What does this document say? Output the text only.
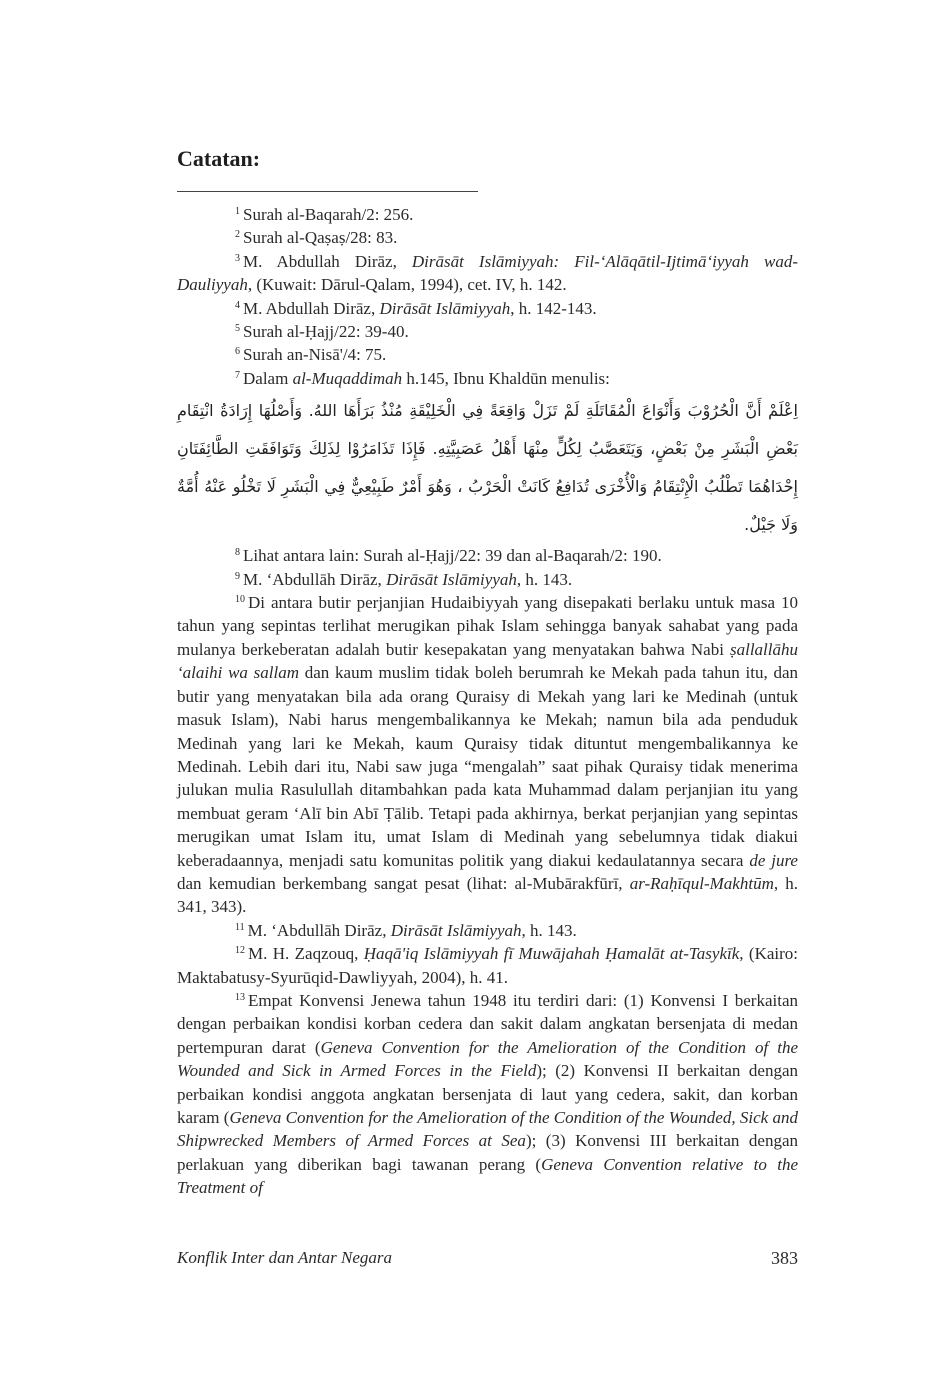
Catatan:

$^1$ Surah al-Baqarah/2: 256.

$^2$ Surah al-Qaṣaṣ/28: 83.

$^3$ M. Abdullah Dirāz, Dirāsāt Islāmiyyah: Fil-‘Alāqātil-Ijtimā‘iyyah wad-Dauliyyah, (Kuwait: Dārul-Qalam, 1994), cet. IV, h. 142.

$^4$ M. Abdullah Dirāz, Dirāsāt Islāmiyyah, h. 142-143.

$^5$ Surah al-Ḥajj/22: 39-40.

$^6$ Surah an-Nisā'/4: 75.

$^7$ Dalam al-Muqaddimah h.145, Ibnu Khaldūn menulis:

اِعْلَمْ أَنَّ الْحُرُوْبَ وَأَنْوَاعَ الْمُقَاتَلَةِ لَمْ تَزَلْ وَاقِعَةً فِي الْخَلِيْقَةِ مُنْذُ بَرَأَهَا اللهُ. وَأَصْلُهَا إِرَادَةُ انْتِقَامِ بَعْضِ الْبَشَرِ مِنْ بَعْضٍ، وَيَتَعَصَّبُ لِكُلٍّ مِنْهَا أَهْلُ عَصَبِيَّتِهِ. فَإِذَا تَذَامَرُوْا لِذَلِكَ وَتَوَافَقَتِ الطَّائِفَتَانِ إِحْدَاهُمَا تَطْلُبُ الْإِنْتِقَامُ وَالْأُخْرَى تُدَافِعُ كَانَتْ الْحَرْبُ ، وَهُوَ أَمْرٌ طَبِيْعِيٌّ فِي الْبَشَرِ لَا تَخْلُو عَنْهُ أُمَّةٌ وَلَا جَيْلٌ.

$^8$ Lihat antara lain: Surah al-Ḥajj/22: 39 dan al-Baqarah/2: 190.

$^9$ M. ‘Abdullāh Dirāz, Dirāsāt Islāmiyyah, h. 143.

$^{10}$ Di antara butir perjanjian Hudaibiyyah yang disepakati berlaku untuk masa 10 tahun yang sepintas terlihat merugikan pihak Islam sehingga banyak sahabat yang pada mulanya berkeberatan adalah butir kesepakatan yang menyatakan bahwa Nabi ṣallallāhu ‘alaihi wa sallam dan kaum muslim tidak boleh berumrah ke Mekah pada tahun itu, dan butir yang menyatakan bila ada orang Quraisy di Mekah yang lari ke Medinah (untuk masuk Islam), Nabi harus mengembalikannya ke Mekah; namun bila ada penduduk Medinah yang lari ke Mekah, kaum Quraisy tidak dituntut mengembalikannya ke Medinah. Lebih dari itu, Nabi saw juga “mengalah” saat pihak Quraisy tidak menerima julukan mulia Rasulullah ditambahkan pada kata Muhammad dalam perjanjian itu yang membuat geram ‘Alī bin Abī Ṭālib. Tetapi pada akhirnya, berkat perjanjian yang sepintas merugikan umat Islam itu, umat Islam di Medinah yang sebelumnya tidak diakui keberadaannya, menjadi satu komunitas politik yang diakui kedaulatannya secara de jure dan kemudian berkembang sangat pesat (lihat: al-Mubārakfūrī, ar-Raḥīqul-Makhtūm, h. 341, 343).

$^{11}$ M. ‘Abdullāh Dirāz, Dirāsāt Islāmiyyah, h. 143.

$^{12}$ M. H. Zaqzouq, Ḥaqā'iq Islāmiyyah fī Muwājahah Ḥamalāt at-Tasykīk, (Kairo: Maktabatusy-Syurūqid-Dawliyyah, 2004), h. 41.

$^{13}$ Empat Konvensi Jenewa tahun 1948 itu terdiri dari: (1) Konvensi I berkaitan dengan perbaikan kondisi korban cedera dan sakit dalam angkatan bersenjata di medan pertempuran darat (Geneva Convention for the Amelioration of the Condition of the Wounded and Sick in Armed Forces in the Field); (2) Konvensi II berkaitan dengan perbaikan kondisi anggota angkatan bersenjata di laut yang cedera, sakit, dan korban karam (Geneva Convention for the Amelioration of the Condition of the Wounded, Sick and Shipwrecked Members of Armed Forces at Sea); (3) Konvensi III berkaitan dengan perlakuan yang diberikan bagi tawanan perang (Geneva Convention relative to the Treatment of

Konflik Inter dan Antar Negara	383
